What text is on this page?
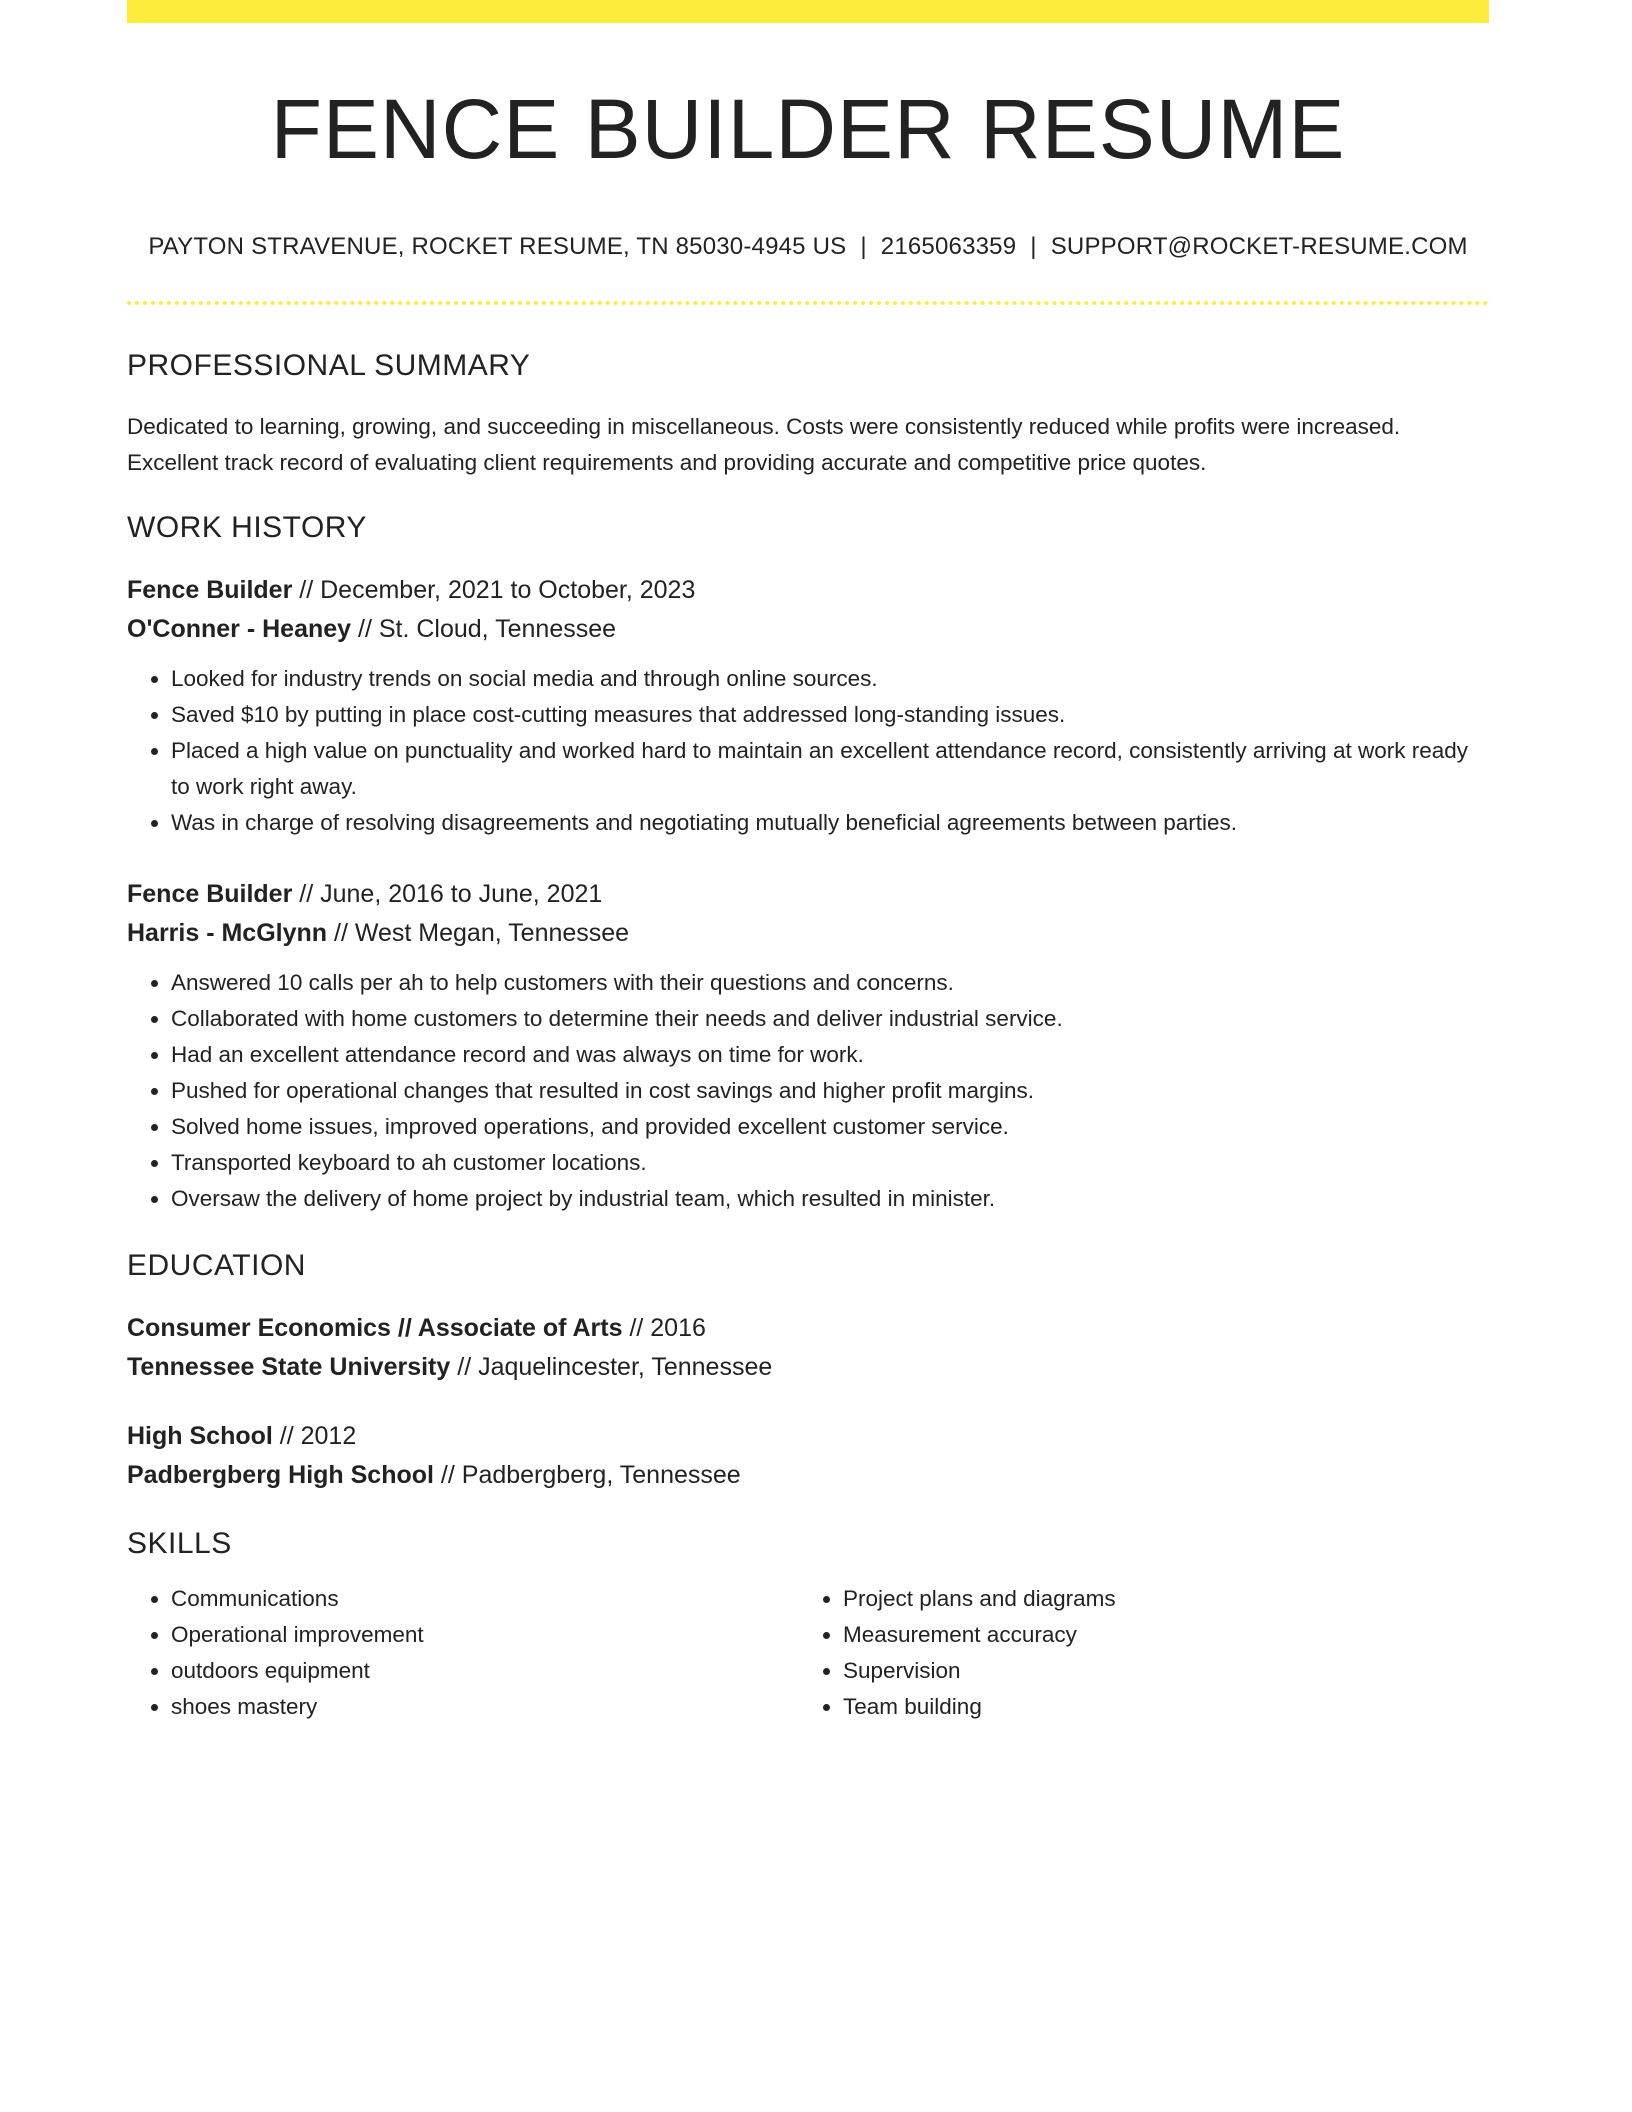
FENCE BUILDER RESUME
PAYTON STRAVENUE, ROCKET RESUME, TN 85030-4945 US | 2165063359 | SUPPORT@ROCKET-RESUME.COM
PROFESSIONAL SUMMARY
Dedicated to learning, growing, and succeeding in miscellaneous. Costs were consistently reduced while profits were increased. Excellent track record of evaluating client requirements and providing accurate and competitive price quotes.
WORK HISTORY
Fence Builder // December, 2021 to October, 2023
O'Conner - Heaney // St. Cloud, Tennessee
• Looked for industry trends on social media and through online sources.
• Saved $10 by putting in place cost-cutting measures that addressed long-standing issues.
• Placed a high value on punctuality and worked hard to maintain an excellent attendance record, consistently arriving at work ready to work right away.
• Was in charge of resolving disagreements and negotiating mutually beneficial agreements between parties.
Fence Builder // June, 2016 to June, 2021
Harris - McGlynn // West Megan, Tennessee
• Answered 10 calls per ah to help customers with their questions and concerns.
• Collaborated with home customers to determine their needs and deliver industrial service.
• Had an excellent attendance record and was always on time for work.
• Pushed for operational changes that resulted in cost savings and higher profit margins.
• Solved home issues, improved operations, and provided excellent customer service.
• Transported keyboard to ah customer locations.
• Oversaw the delivery of home project by industrial team, which resulted in minister.
EDUCATION
Consumer Economics // Associate of Arts // 2016
Tennessee State University // Jaquelincester, Tennessee
High School // 2012
Padbergberg High School // Padbergberg, Tennessee
SKILLS
• Communications
• Operational improvement
• outdoors equipment
• shoes mastery
• Project plans and diagrams
• Measurement accuracy
• Supervision
• Team building
